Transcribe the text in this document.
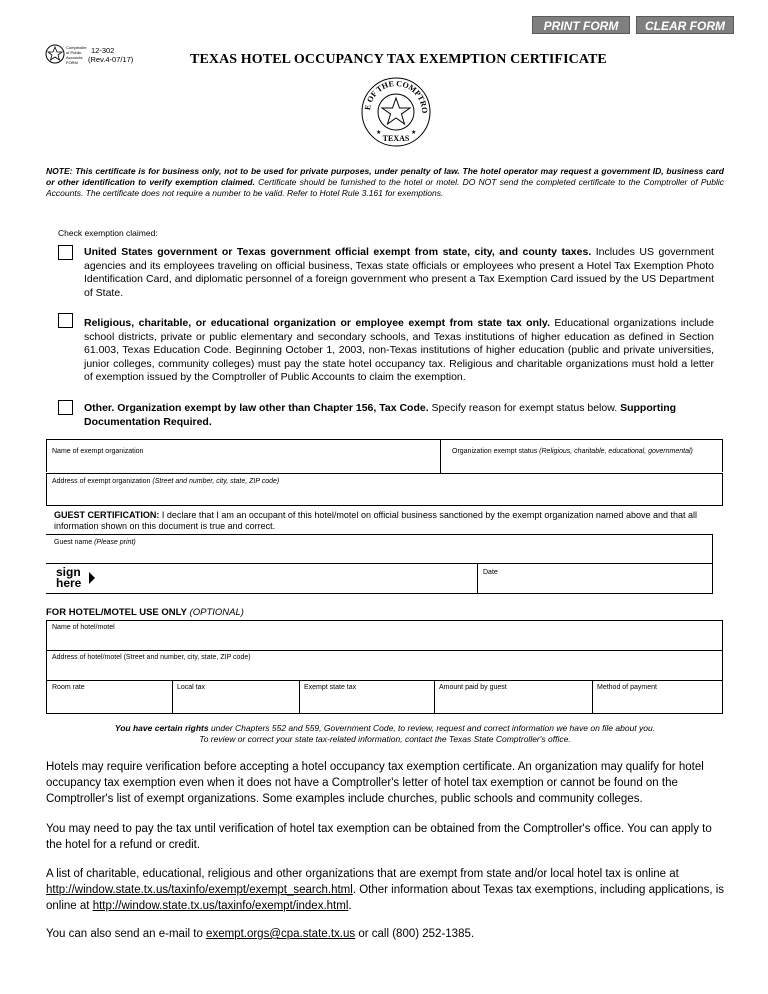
PRINT FORM	CLEAR FORM
Comptroller of Public Accounts FORM
12-302
(Rev.4-07/17)	TEXAS HOTEL OCCUPANCY TAX EXEMPTION CERTIFICATE
E OF THE COMPTRO
TEXAS
★	★
NOTE: This certificate is for business only, not to be used for private purposes, under penalty of law. The hotel operator may request a government ID, business card or other identification to verify exemption claimed. Certificate should be furnished to the hotel or motel. DO NOT send the completed certificate to the Comptroller of Public Accounts. The certificate does not require a number to be valid. Refer to Hotel Rule 3.161 for exemptions.
Check exemption claimed:
United States government or Texas government official exempt from state, city, and county taxes. Includes US government agencies and its employees traveling on official business, Texas state officials or employees who present a Hotel Tax Exemption Photo Identification Card, and diplomatic personnel of a foreign government who present a Tax Exemption Card issued by the US Department of State.
Religious, charitable, or educational organization or employee exempt from state tax only. Educational organizations include school districts, private or public elementary and secondary schools, and Texas institutions of higher education as defined in Section 61.003, Texas Education Code. Beginning October 1, 2003, non-Texas institutions of higher education (public and private universities, junior colleges, community colleges) must pay the state hotel occupancy tax. Religious and charitable organizations must hold a letter of exemption issued by the Comptroller of Public Accounts to claim the exemption.
Other. Organization exempt by law other than Chapter 156, Tax Code. Specify reason for exempt status below. Supporting Documentation Required.
Name of exempt organization	Organization exempt status (Religious, charitable, educational, governmental)
Address of exempt organization (Street and number, city, state, ZIP code)
GUEST CERTIFICATION: I declare that I am an occupant of this hotel/motel on official business sanctioned by the exempt organization named above and that all information shown on this document is true and correct.
Guest name (Please print)
sign
here
Date
FOR HOTEL/MOTEL USE ONLY (OPTIONAL)
Name of hotel/motel
Address of hotel/motel (Street and number, city, state, ZIP code)
Room rate	Local tax	Exempt state tax	Amount paid by guest	Method of payment
You have certain rights under Chapters 552 and 559, Government Code, to review, request and correct information we have on file about you.
To review or correct your state tax-related information, contact the Texas State Comptroller's office.
Hotels may require verification before accepting a hotel occupancy tax exemption certificate. An organization may qualify for hotel occupancy tax exemption even when it does not have a Comptroller's letter of hotel tax exemption or cannot be found on the Comptroller's list of exempt organizations. Some examples include churches, public schools and community colleges.
You may need to pay the tax until verification of hotel tax exemption can be obtained from the Comptroller's office. You can apply to the hotel for a refund or credit.
A list of charitable, educational, religious and other organizations that are exempt from state and/or local hotel tax is online at http://window.state.tx.us/taxinfo/exempt/exempt_search.html. Other information about Texas tax exemptions, including applications, is online at http://window.state.tx.us/taxinfo/exempt/index.html.
You can also send an e-mail to exempt.orgs@cpa.state.tx.us or call (800) 252-1385.
